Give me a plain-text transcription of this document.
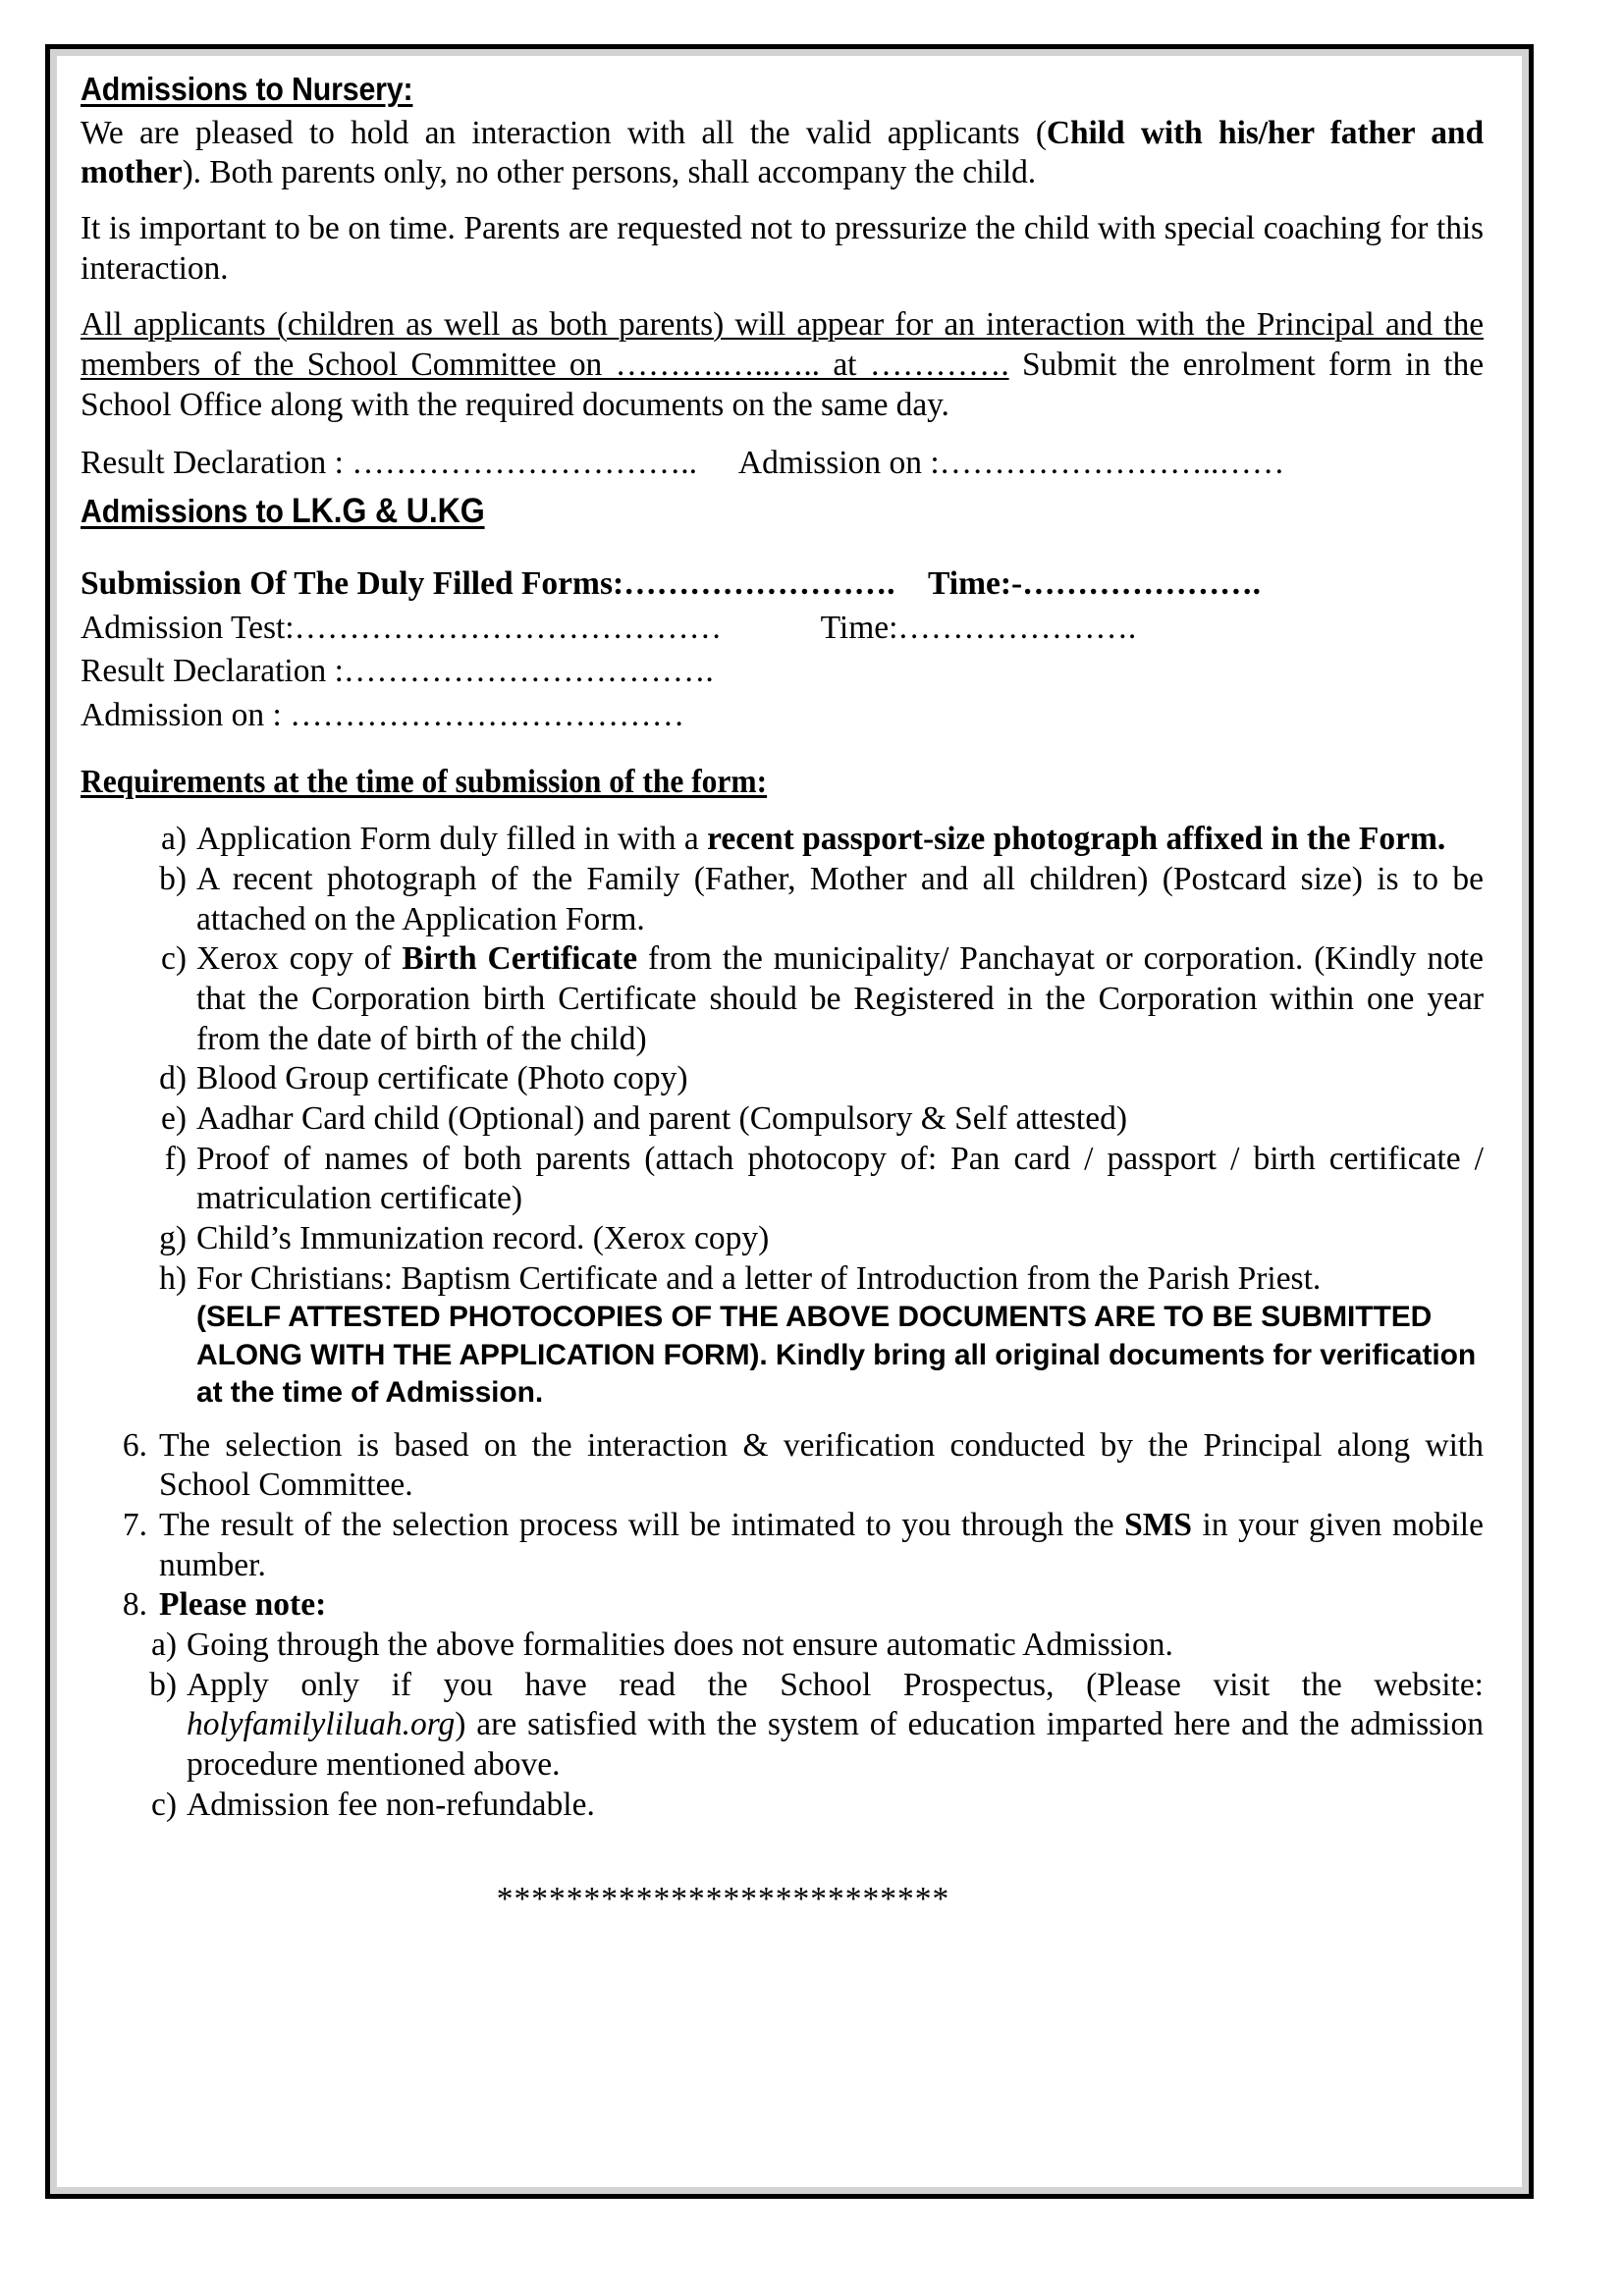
Admissions to Nursery:

We are pleased to hold an interaction with all the valid applicants (Child with his/her father and mother). Both parents only, no other persons, shall accompany the child.

It is important to be on time. Parents are requested not to pressurize the child with special coaching for this interaction.

All applicants (children as well as both parents) will appear for an interaction with the Principal and the members of the School Committee on ……….…..….. at …………. Submit the enrolment form in the School Office along with the required documents on the same day.

Result Declaration : ………………………….. Admission on :……………………..……
Admissions to LK.G & U.KG
Submission Of The Duly Filled Forms:……………………. Time:-………………….
Admission Test:…………………………………	Time:………………….
Result Declaration :…………………………….
Admission on : ………………………………
Requirements at the time of submission of the form:
a) Application Form duly filled in with a recent passport-size photograph affixed in the Form.
b) A recent photograph of the Family (Father, Mother and all children) (Postcard size) is to be attached on the Application Form.
c) Xerox copy of Birth Certificate from the municipality/ Panchayat or corporation. (Kindly note that the Corporation birth Certificate should be Registered in the Corporation within one year from the date of birth of the child)
d) Blood Group certificate (Photo copy)
e) Aadhar Card child (Optional) and parent (Compulsory & Self attested)
f) Proof of names of both parents (attach photocopy of: Pan card / passport / birth certificate / matriculation certificate)
g) Child’s Immunization record. (Xerox copy)
h) For Christians: Baptism Certificate and a letter of Introduction from the Parish Priest.
(SELF ATTESTED PHOTOCOPIES OF THE ABOVE DOCUMENTS ARE TO BE SUBMITTED ALONG WITH THE APPLICATION FORM). Kindly bring all original documents for verification at the time of Admission.
6. The selection is based on the interaction & verification conducted by the Principal along with School Committee.
7. The result of the selection process will be intimated to you through the SMS in your given mobile number.
8. Please note:
a) Going through the above formalities does not ensure automatic Admission.
b) Apply only if you have read the School Prospectus, (Please visit the website: holyfamilyliluah.org) are satisfied with the system of education imparted here and the admission procedure mentioned above.
c) Admission fee non-refundable.
**************************
